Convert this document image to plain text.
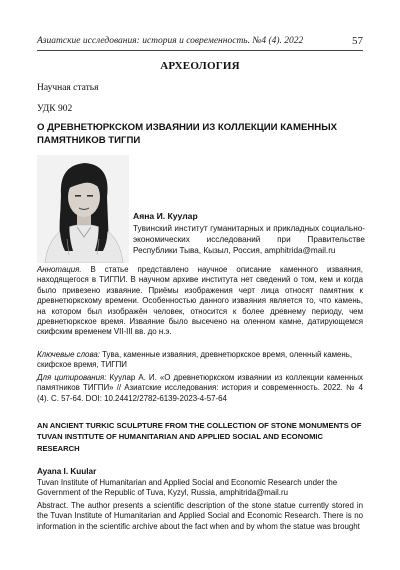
Азиатские исследования: история и современность. №4 (4). 2022	57
АРХЕОЛОГИЯ
Научная статья
УДК 902
О ДРЕВНЕТЮРКСКОМ ИЗВАЯНИИ ИЗ КОЛЛЕКЦИИ КАМЕННЫХ ПАМЯТНИКОВ ТИГПИ
Аяна И. Куулар
Тувинский институт гуманитарных и прикладных социально-экономических исследований при Правительстве Республики Тыва, Кызыл, Россия, amphitrida@mail.ru
Аннотация. В статье представлено научное описание каменного изваяния, находящегося в ТИГПИ. В научном архиве института нет сведений о том, кем и когда было привезено изваяние. Приёмы изображения черт лица относят памятник к древнетюркскому времени. Особенностью данного изваяния является то, что камень, на котором был изображён человек, относится к более древнему периоду, чем древнетюркское время. Изваяние было высечено на оленном камне, датирующемся скифским временем VII-III вв. до н.э.
Ключевые слова: Тува, каменные изваяния, древнетюркское время, оленный камень, скифское время, ТИГПИ
Для цитирования: Куулар А. И. «О древнетюркском изваянии из коллекции каменных памятников ТИГПИ» // Азиатские исследования: история и современность. 2022. № 4 (4). С. 57-64. DOI: 10.24412/2782-6139-2023-4-57-64
AN ANCIENT TURKIC SCULPTURE FROM THE COLLECTION OF STONE MONUMENTS OF TUVAN INSTITUTE OF HUMANITARIAN AND APPLIED SOCIAL AND ECONOMIC RESEARCH
Ayana I. Kuular
Tuvan Institute of Humanitarian and Applied Social and Economic Research under the Government of the Republic of Tuva, Kyzyl, Russia, amphitrida@mail.ru
Abstract. The author presents a scientific description of the stone statue currently stored in the Tuvan Institute of Humanitarian and Applied Social and Economic Research. There is no information in the scientific archive about the fact when and by whom the statue was brought
